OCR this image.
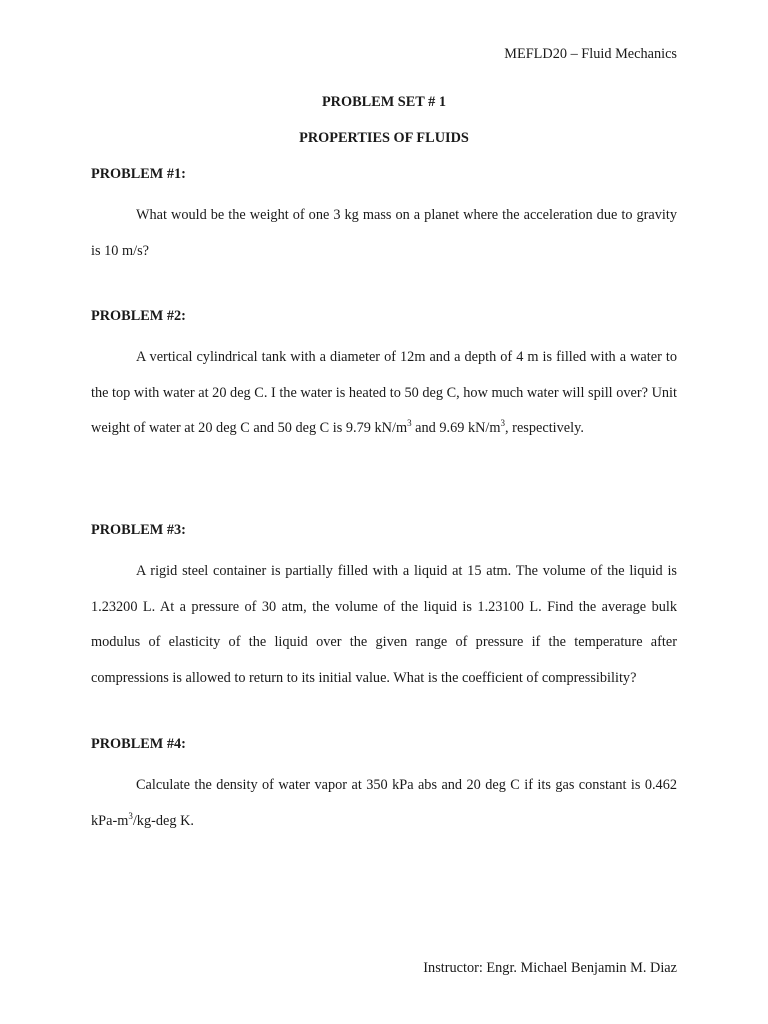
MEFLD20 – Fluid Mechanics
PROBLEM SET # 1
PROPERTIES OF FLUIDS

PROBLEM #1:

What would be the weight of one 3 kg mass on a planet where the acceleration due to gravity is 10 m/s?

PROBLEM #2:

A vertical cylindrical tank with a diameter of 12m and a depth of 4 m is filled with a water to the top with water at 20 deg C. I the water is heated to 50 deg C, how much water will spill over? Unit weight of water at 20 deg C and 50 deg C is 9.79 $kN/m^3$ and 9.69 $kN/m^3$, respectively.

PROBLEM #3:

A rigid steel container is partially filled with a liquid at 15 atm. The volume of the liquid is 1.23200 L. At a pressure of 30 atm, the volume of the liquid is 1.23100 L. Find the average bulk modulus of elasticity of the liquid over the given range of pressure if the temperature after compressions is allowed to return to its initial value. What is the coefficient of compressibility?

PROBLEM #4:

Calculate the density of water vapor at 350 kPa abs and 20 deg C if its gas constant is 0.462 kPa-$m^3/kg$-deg K.

Instructor: Engr. Michael Benjamin M. Diaz
